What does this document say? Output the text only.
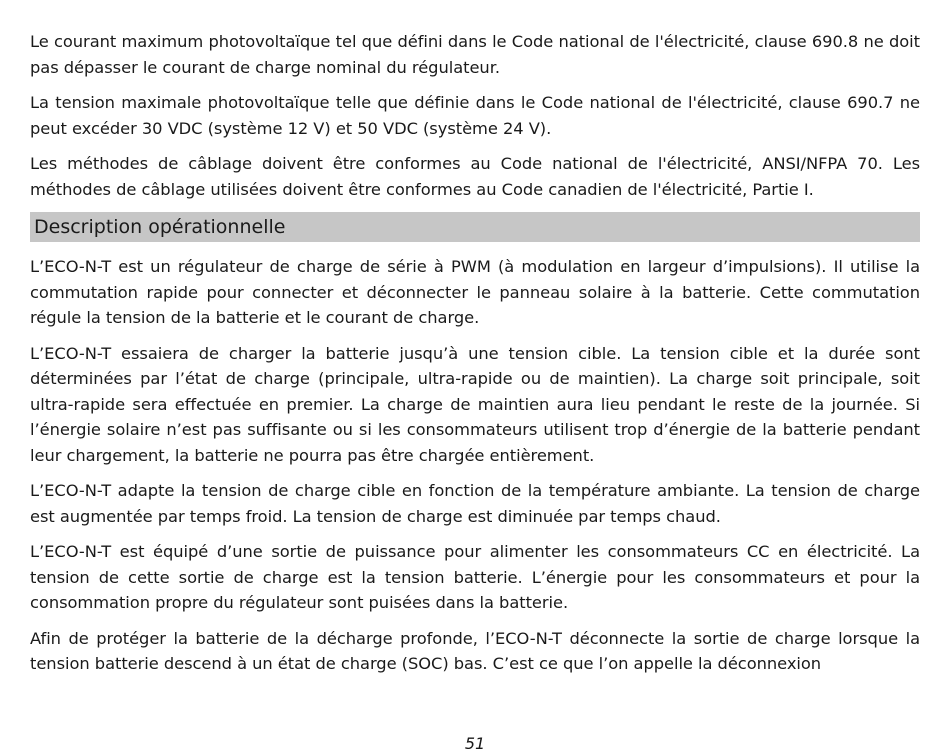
Le courant maximum photovoltaïque tel que défini dans le Code national de l'électricité, clause 690.8 ne doit pas dépasser le courant de charge nominal du régulateur.

La tension maximale photovoltaïque telle que définie dans le Code national de l'électricité, clause 690.7 ne peut excéder 30 VDC (système 12 V) et 50 VDC (système 24 V).

Les méthodes de câblage doivent être conformes au Code national de l'électricité, ANSI/NFPA 70. Les méthodes de câblage utilisées doivent être conformes au Code canadien de l'électricité, Partie I.

Description opérationnelle

L’ECO-N-T est un régulateur de charge de série à PWM (à modulation en largeur d’impulsions). Il utilise la commutation rapide pour connecter et déconnecter le panneau solaire à la batterie. Cette commutation régule la tension de la batterie et le courant de charge.

L’ECO-N-T essaiera de charger la batterie jusqu’à une tension cible. La tension cible et la durée sont déterminées par l’état de charge (principale, ultra-rapide ou de maintien). La charge soit principale, soit ultra-rapide sera effectuée en premier. La charge de maintien aura lieu pendant le reste de la journée. Si l’énergie solaire n’est pas suffisante ou si les consommateurs utilisent trop d’énergie de la batterie pendant leur chargement, la batterie ne pourra pas être chargée entièrement.

L’ECO-N-T adapte la tension de charge cible en fonction de la température ambiante. La tension de charge est augmentée par temps froid. La tension de charge est diminuée par temps chaud.

L’ECO-N-T est équipé d’une sortie de puissance pour alimenter les consommateurs CC en électricité. La tension de cette sortie de charge est la tension batterie. L’énergie pour les consommateurs et pour la consommation propre du régulateur sont puisées dans la batterie.

Afin de protéger la batterie de la décharge profonde, l’ECO-N-T déconnecte la sortie de charge lorsque la tension batterie descend à un état de charge (SOC) bas. C’est ce que l’on appelle la déconnexion

51
